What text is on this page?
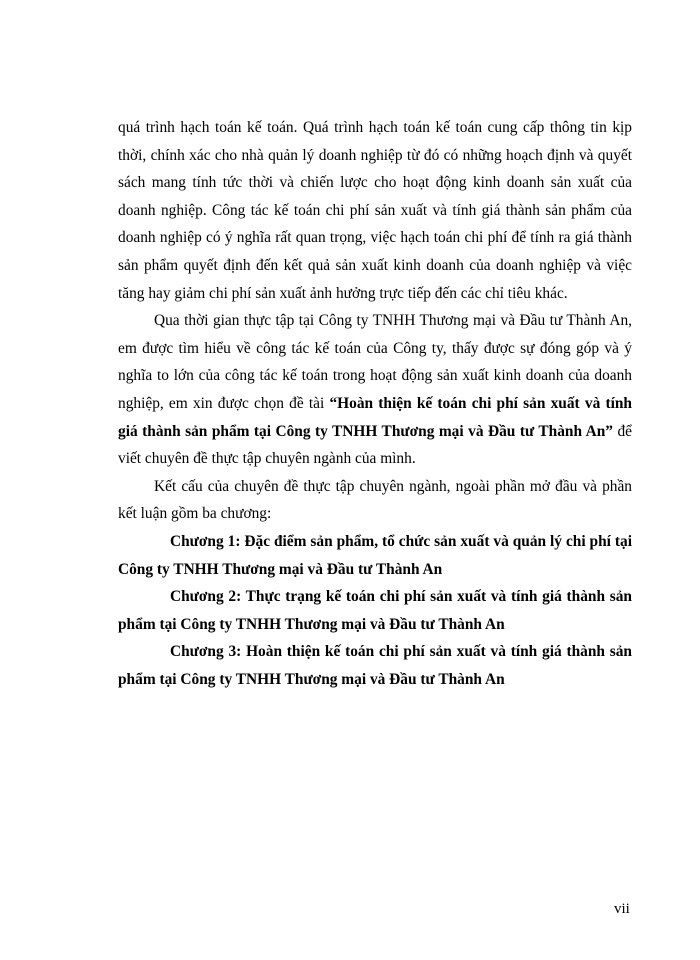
quá trình hạch toán kế toán. Quá trình hạch toán kế toán cung cấp thông tin kịp thời, chính xác cho nhà quản lý doanh nghiệp từ đó có những hoạch định và quyết sách mang tính tức thời và chiến lược cho hoạt động kinh doanh sản xuất của doanh nghiệp. Công tác kế toán chi phí sản xuất và tính giá thành sản phẩm của doanh nghiệp có ý nghĩa rất quan trọng, việc hạch toán chi phí để tính ra giá thành sản phẩm quyết định đến kết quả sản xuất kinh doanh của doanh nghiệp và việc tăng hay giảm chi phí sản xuất ảnh hưởng trực tiếp đến các chỉ tiêu khác.

Qua thời gian thực tập tại Công ty TNHH Thương mại và Đầu tư Thành An, em được tìm hiểu về công tác kế toán của Công ty, thấy được sự đóng góp và ý nghĩa to lớn của công tác kế toán trong hoạt động sản xuất kinh doanh của doanh nghiệp, em xin được chọn đề tài “Hoàn thiện kế toán chi phí sản xuất và tính giá thành sản phẩm tại Công ty TNHH Thương mại và Đầu tư Thành An” để viết chuyên đề thực tập chuyên ngành của mình.

Kết cấu của chuyên đề thực tập chuyên ngành, ngoài phần mở đầu và phần kết luận gồm ba chương:

Chương 1: Đặc điểm sản phẩm, tổ chức sản xuất và quản lý chi phí tại Công ty TNHH Thương mại và Đầu tư Thành An

Chương 2: Thực trạng kế toán chi phí sản xuất và tính giá thành sản phẩm tại Công ty TNHH Thương mại và Đầu tư Thành An

Chương 3: Hoàn thiện kế toán chi phí sản xuất và tính giá thành sản phẩm tại Công ty TNHH Thương mại và Đầu tư Thành An

vii
